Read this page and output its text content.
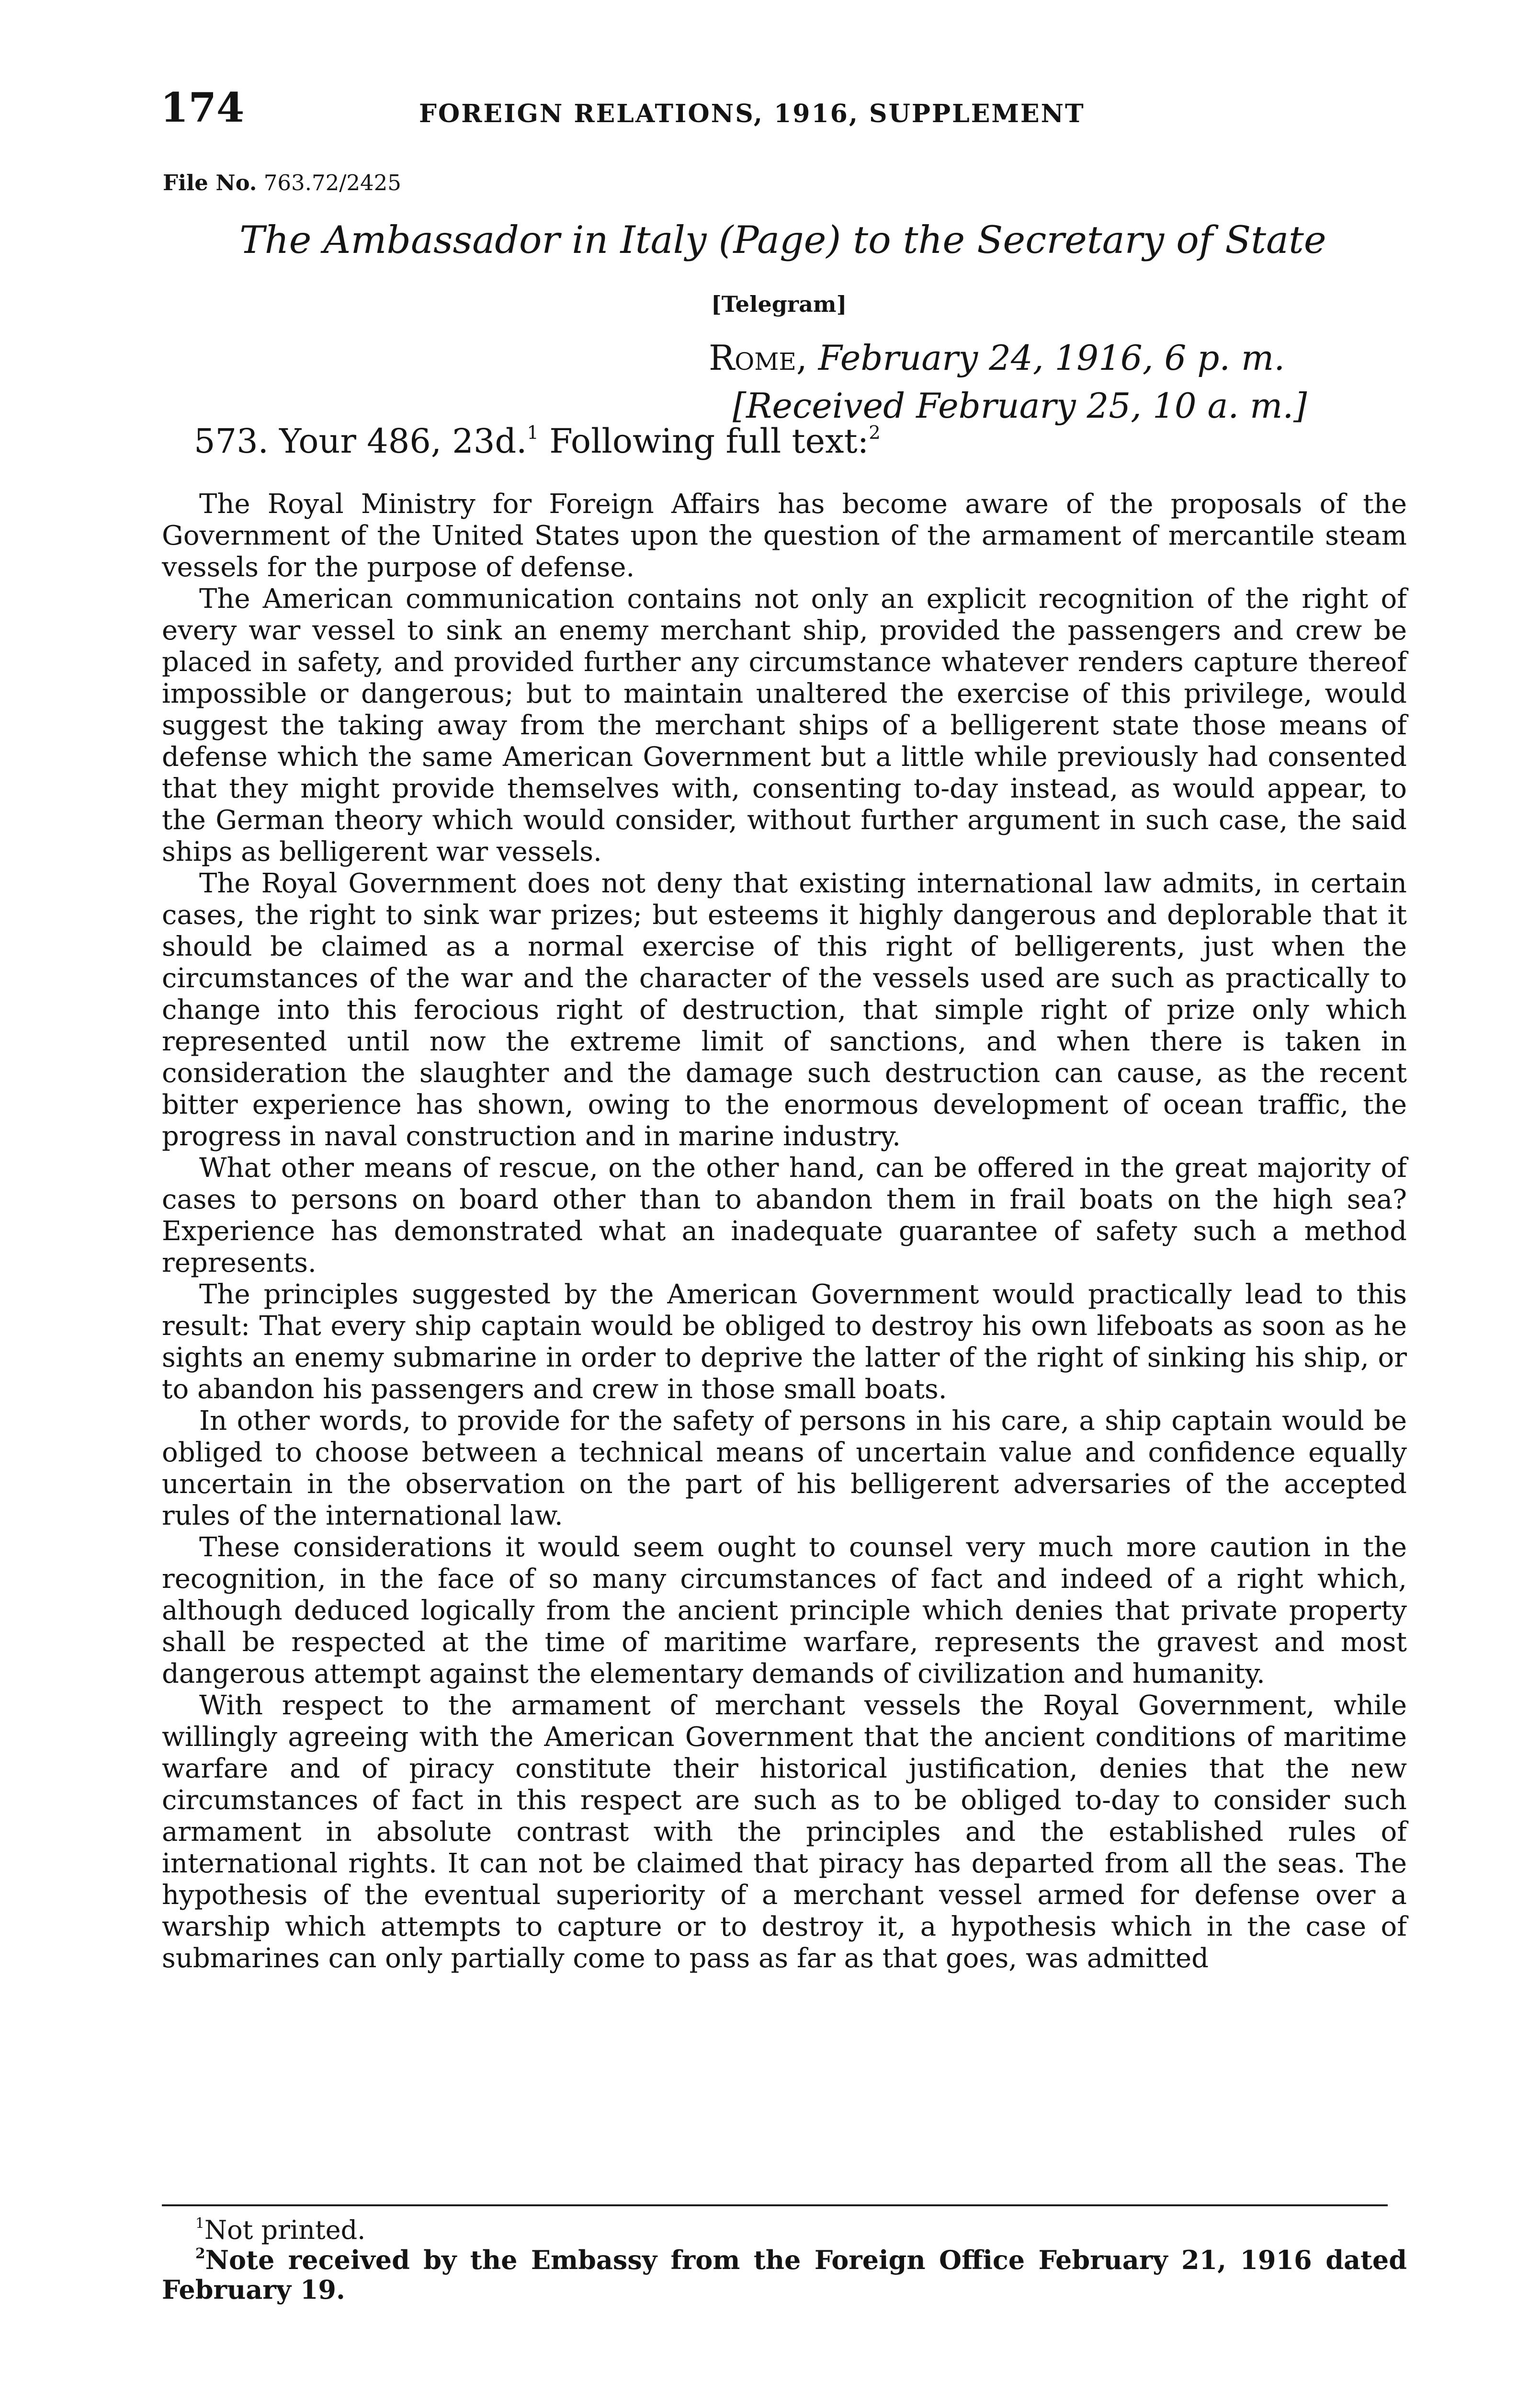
174	FOREIGN RELATIONS, 1916, SUPPLEMENT
File No. 763.72/2425
The Ambassador in Italy (Page) to the Secretary of State
[Telegram]
Rome, February 24, 1916, 6 p. m.
[Received February 25, 10 a. m.]
573. Your 486, 23d.$^1$ Following full text:$^2$

The Royal Ministry for Foreign Affairs has become aware of the proposals of the Government of the United States upon the question of the armament of mercantile steam vessels for the purpose of defense.

The American communication contains not only an explicit recognition of the right of every war vessel to sink an enemy merchant ship, provided the passengers and crew be placed in safety, and provided further any circumstance whatever renders capture thereof impossible or dangerous; but to maintain unaltered the exercise of this privilege, would suggest the taking away from the merchant ships of a belligerent state those means of defense which the same American Government but a little while previously had consented that they might provide themselves with, consenting to-day instead, as would appear, to the German theory which would consider, without further argument in such case, the said ships as belligerent war vessels.

The Royal Government does not deny that existing international law admits, in certain cases, the right to sink war prizes; but esteems it highly dangerous and deplorable that it should be claimed as a normal exercise of this right of belligerents, just when the circumstances of the war and the character of the vessels used are such as practically to change into this ferocious right of destruction, that simple right of prize only which represented until now the extreme limit of sanctions, and when there is taken in consideration the slaughter and the damage such destruction can cause, as the recent bitter experience has shown, owing to the enormous development of ocean traffic, the progress in naval construction and in marine industry.

What other means of rescue, on the other hand, can be offered in the great majority of cases to persons on board other than to abandon them in frail boats on the high sea? Experience has demonstrated what an inadequate guarantee of safety such a method represents.

The principles suggested by the American Government would practically lead to this result: That every ship captain would be obliged to destroy his own lifeboats as soon as he sights an enemy submarine in order to deprive the latter of the right of sinking his ship, or to abandon his passengers and crew in those small boats.

In other words, to provide for the safety of persons in his care, a ship captain would be obliged to choose between a technical means of uncertain value and confidence equally uncertain in the observation on the part of his belligerent adversaries of the accepted rules of the international law.

These considerations it would seem ought to counsel very much more caution in the recognition, in the face of so many circumstances of fact and indeed of a right which, although deduced logically from the ancient principle which denies that private property shall be respected at the time of maritime warfare, represents the gravest and most dangerous attempt against the elementary demands of civilization and humanity.

With respect to the armament of merchant vessels the Royal Government, while willingly agreeing with the American Government that the ancient conditions of maritime warfare and of piracy constitute their historical justification, denies that the new circumstances of fact in this respect are such as to be obliged to-day to consider such armament in absolute contrast with the principles and the established rules of international rights. It can not be claimed that piracy has departed from all the seas. The hypothesis of the eventual superiority of a merchant vessel armed for defense over a warship which attempts to capture or to destroy it, a hypothesis which in the case of submarines can only partially come to pass as far as that goes, was admitted

$^1$Not printed.

$^2$Note received by the Embassy from the Foreign Office February 21, 1916 dated February 19.
